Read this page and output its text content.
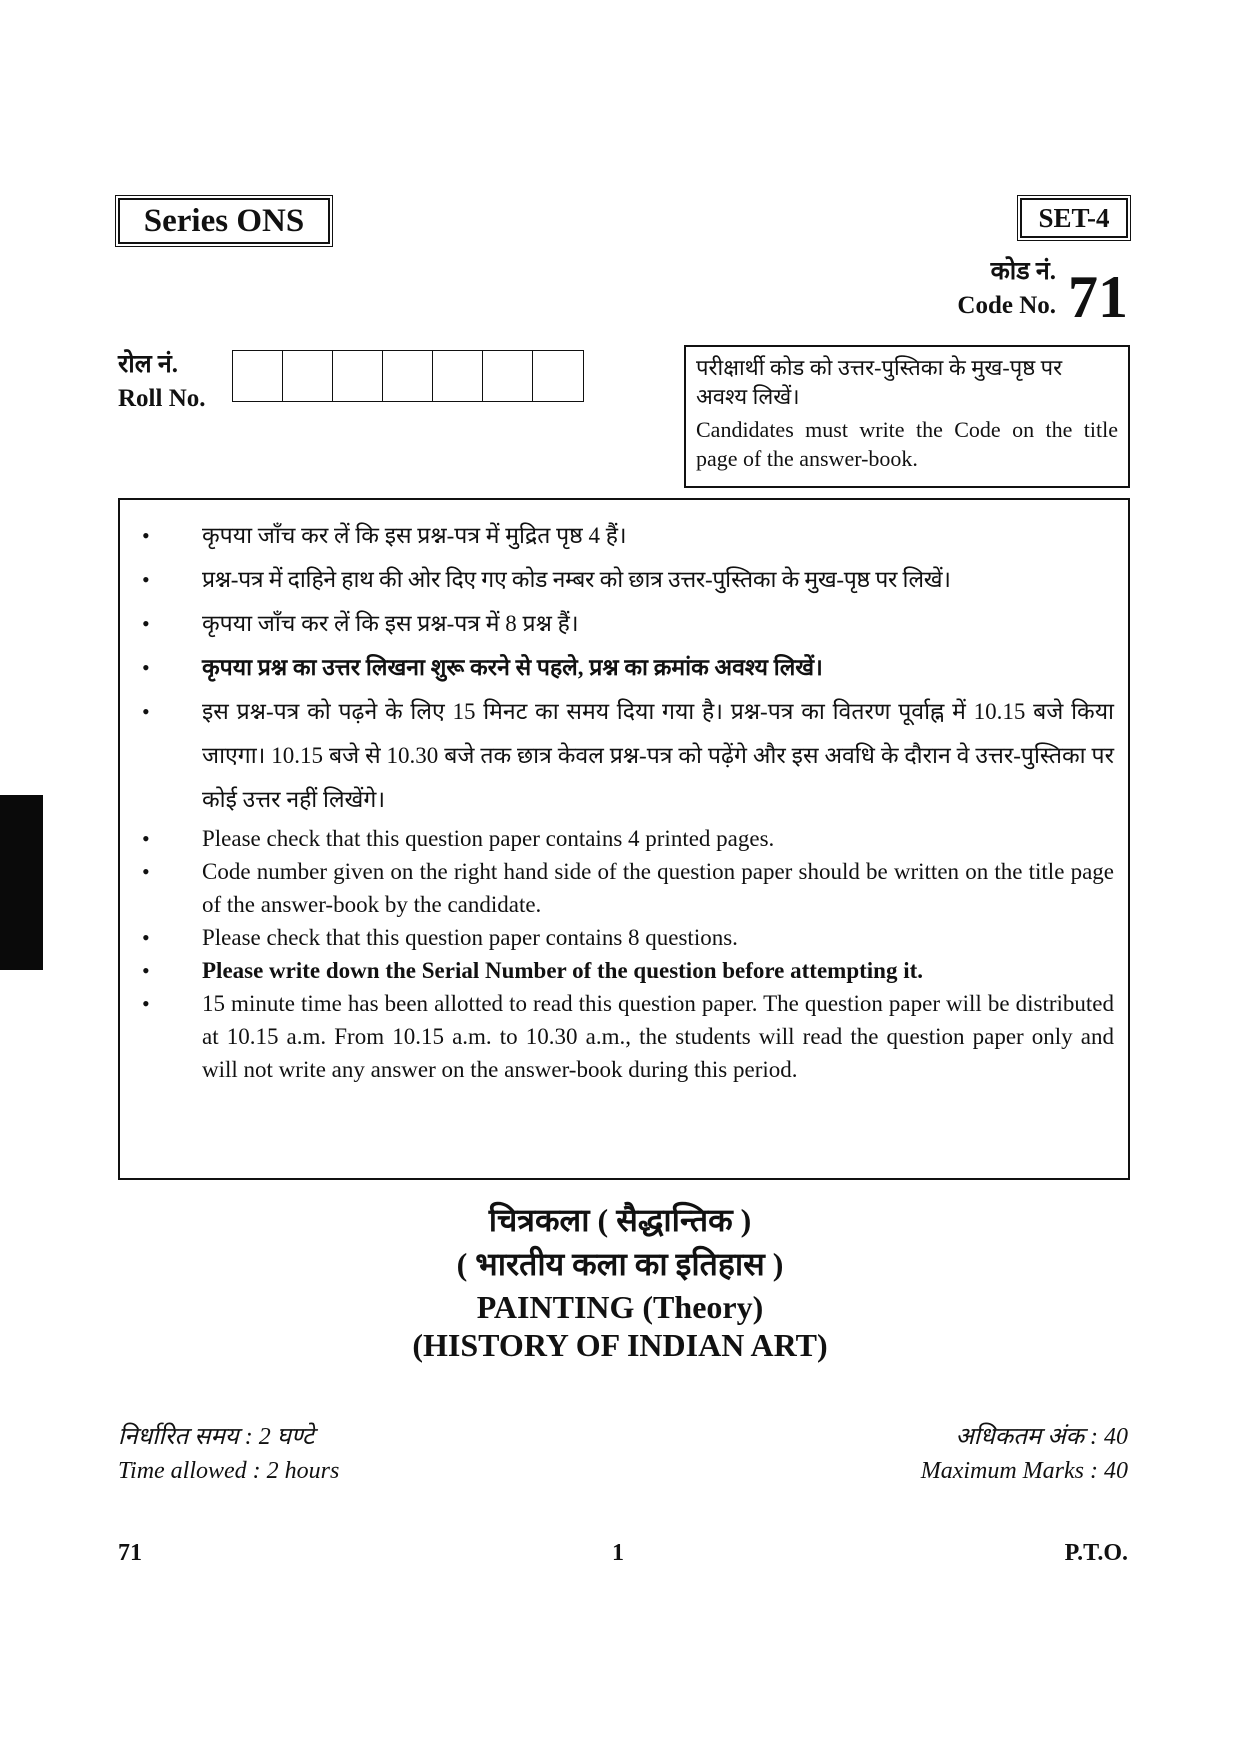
Series ONS	SET-4
कोड नं.
Code No. 71
रोल नं.
Roll No.
परीक्षार्थी कोड को उत्तर-पुस्तिका के मुख-पृष्ठ पर अवश्य लिखें।
Candidates must write the Code on the title page of the answer-book.
•	कृपया जाँच कर लें कि इस प्रश्न-पत्र में मुद्रित पृष्ठ 4 हैं।
•	प्रश्न-पत्र में दाहिने हाथ की ओर दिए गए कोड नम्बर को छात्र उत्तर-पुस्तिका के मुख-पृष्ठ पर लिखें।
•	कृपया जाँच कर लें कि इस प्रश्न-पत्र में 8 प्रश्न हैं।
•	कृपया प्रश्न का उत्तर लिखना शुरू करने से पहले, प्रश्न का क्रमांक अवश्य लिखें।
•	इस प्रश्न-पत्र को पढ़ने के लिए 15 मिनट का समय दिया गया है। प्रश्न-पत्र का वितरण पूर्वाह्न में 10.15 बजे किया जाएगा। 10.15 बजे से 10.30 बजे तक छात्र केवल प्रश्न-पत्र को पढ़ेंगे और इस अवधि के दौरान वे उत्तर-पुस्तिका पर कोई उत्तर नहीं लिखेंगे।
•	Please check that this question paper contains 4 printed pages.
•	Code number given on the right hand side of the question paper should be written on the title page of the answer-book by the candidate.
•	Please check that this question paper contains 8 questions.
•	Please write down the Serial Number of the question before attempting it.
•	15 minute time has been allotted to read this question paper. The question paper will be distributed at 10.15 a.m. From 10.15 a.m. to 10.30 a.m., the students will read the question paper only and will not write any answer on the answer-book during this period.
चित्रकला ( सैद्धान्तिक )
( भारतीय कला का इतिहास )
PAINTING (Theory)
(HISTORY OF INDIAN ART)
निर्धारित समय : 2 घण्टे
Time allowed : 2 hours
अधिकतम अंक : 40
Maximum Marks : 40
71	1	P.T.O.
